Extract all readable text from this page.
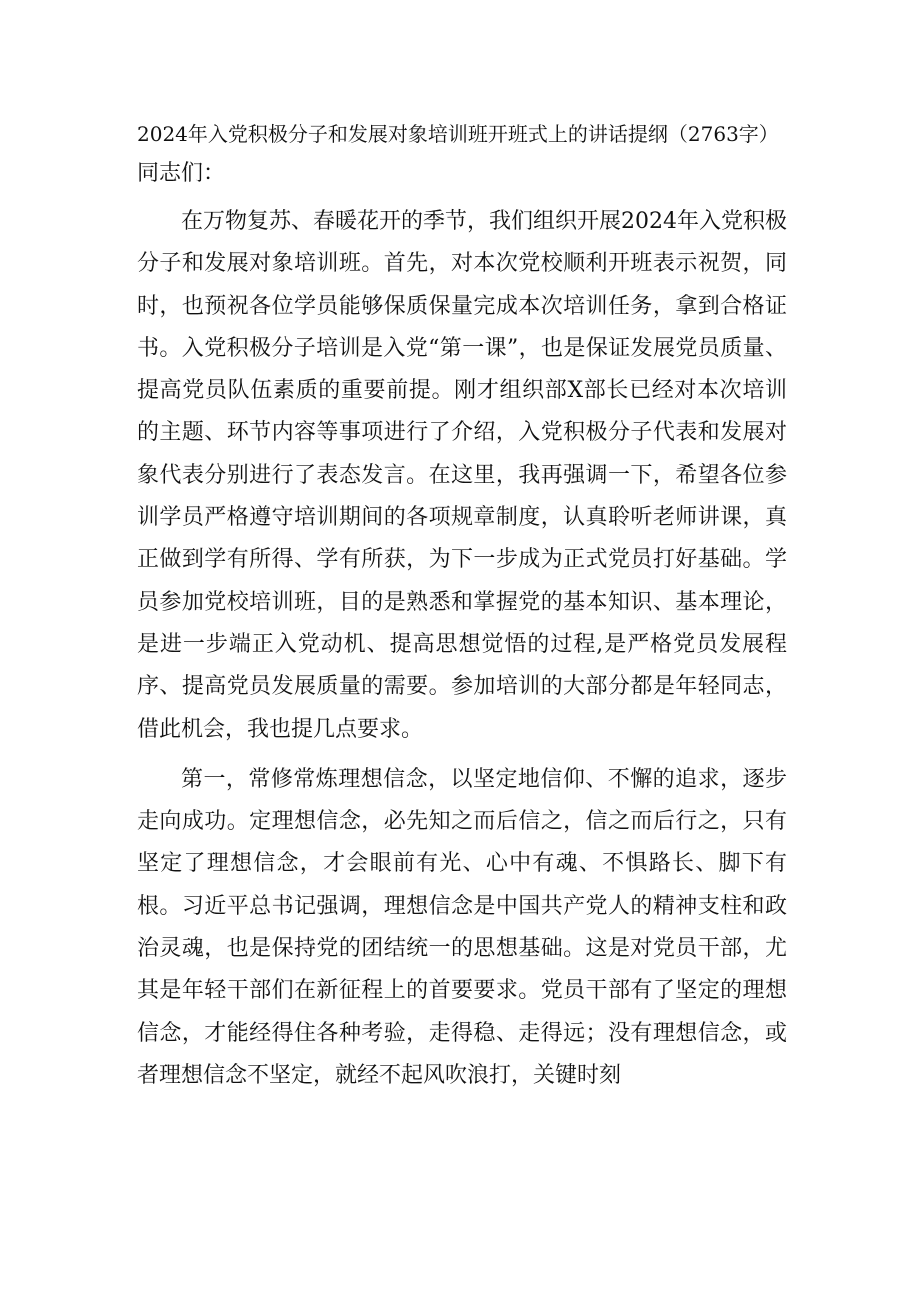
2024年入党积极分子和发展对象培训班开班式上的讲话提纲（2763字）

同志们：

在万物复苏、春暖花开的季节，我们组织开展2024年入党积极分子和发展对象培训班。首先，对本次党校顺利开班表示祝贺，同时，也预祝各位学员能够保质保量完成本次培训任务，拿到合格证书。入党积极分子培训是入党“第一课”，也是保证发展党员质量、提高党员队伍素质的重要前提。刚才组织部X部长已经对本次培训的主题、环节内容等事项进行了介绍，入党积极分子代表和发展对象代表分别进行了表态发言。在这里，我再强调一下，希望各位参训学员严格遵守培训期间的各项规章制度，认真聆听老师讲课，真正做到学有所得、学有所获，为下一步成为正式党员打好基础。学员参加党校培训班，目的是熟悉和掌握党的基本知识、基本理论，是进一步端正入党动机、提高思想觉悟的过程,是严格党员发展程序、提高党员发展质量的需要。参加培训的大部分都是年轻同志，借此机会，我也提几点要求。

第一，常修常炼理想信念，以坚定地信仰、不懈的追求，逐步走向成功。定理想信念，必先知之而后信之，信之而后行之，只有坚定了理想信念，才会眼前有光、心中有魂、不惧路长、脚下有根。习近平总书记强调，理想信念是中国共产党人的精神支柱和政治灵魂，也是保持党的团结统一的思想基础。这是对党员干部，尤其是年轻干部们在新征程上的首要要求。党员干部有了坚定的理想信念，才能经得住各种考验，走得稳、走得远；没有理想信念，或者理想信念不坚定，就经不起风吹浪打，关键时刻
